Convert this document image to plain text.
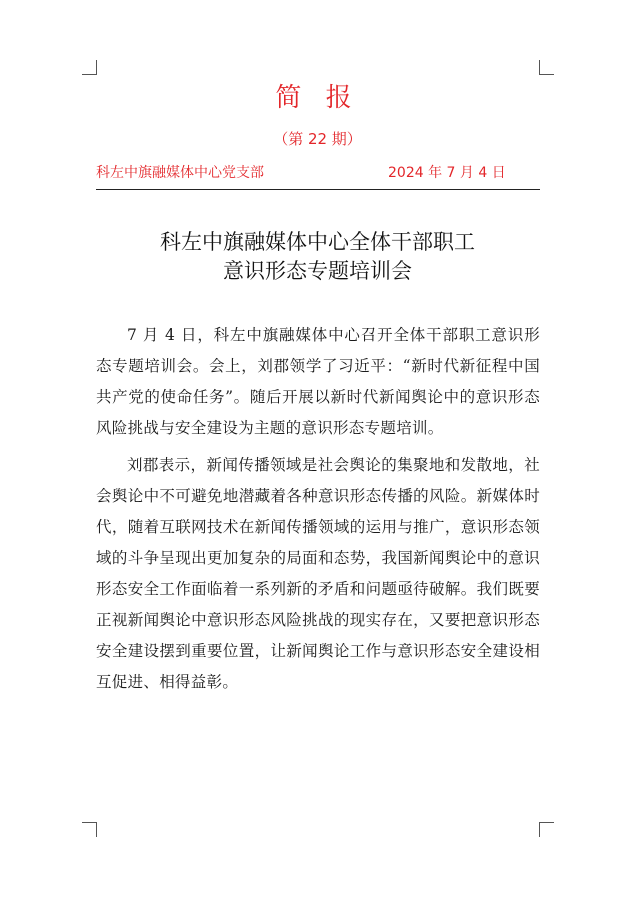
简 报
（第 22 期）
科左中旗融媒体中心党支部	2024 年 7 月 4 日
科左中旗融媒体中心全体干部职工
意识形态专题培训会

7 月 4 日，科左中旗融媒体中心召开全体干部职工意识形态专题培训会。会上，刘郡领学了习近平：“新时代新征程中国共产党的使命任务”。随后开展以新时代新闻舆论中的意识形态风险挑战与安全建设为主题的意识形态专题培训。

刘郡表示，新闻传播领域是社会舆论的集聚地和发散地，社会舆论中不可避免地潜藏着各种意识形态传播的风险。新媒体时代，随着互联网技术在新闻传播领域的运用与推广，意识形态领域的斗争呈现出更加复杂的局面和态势，我国新闻舆论中的意识形态安全工作面临着一系列新的矛盾和问题亟待破解。我们既要正视新闻舆论中意识形态风险挑战的现实存在，又要把意识形态安全建设摆到重要位置，让新闻舆论工作与意识形态安全建设相互促进、相得益彰。
